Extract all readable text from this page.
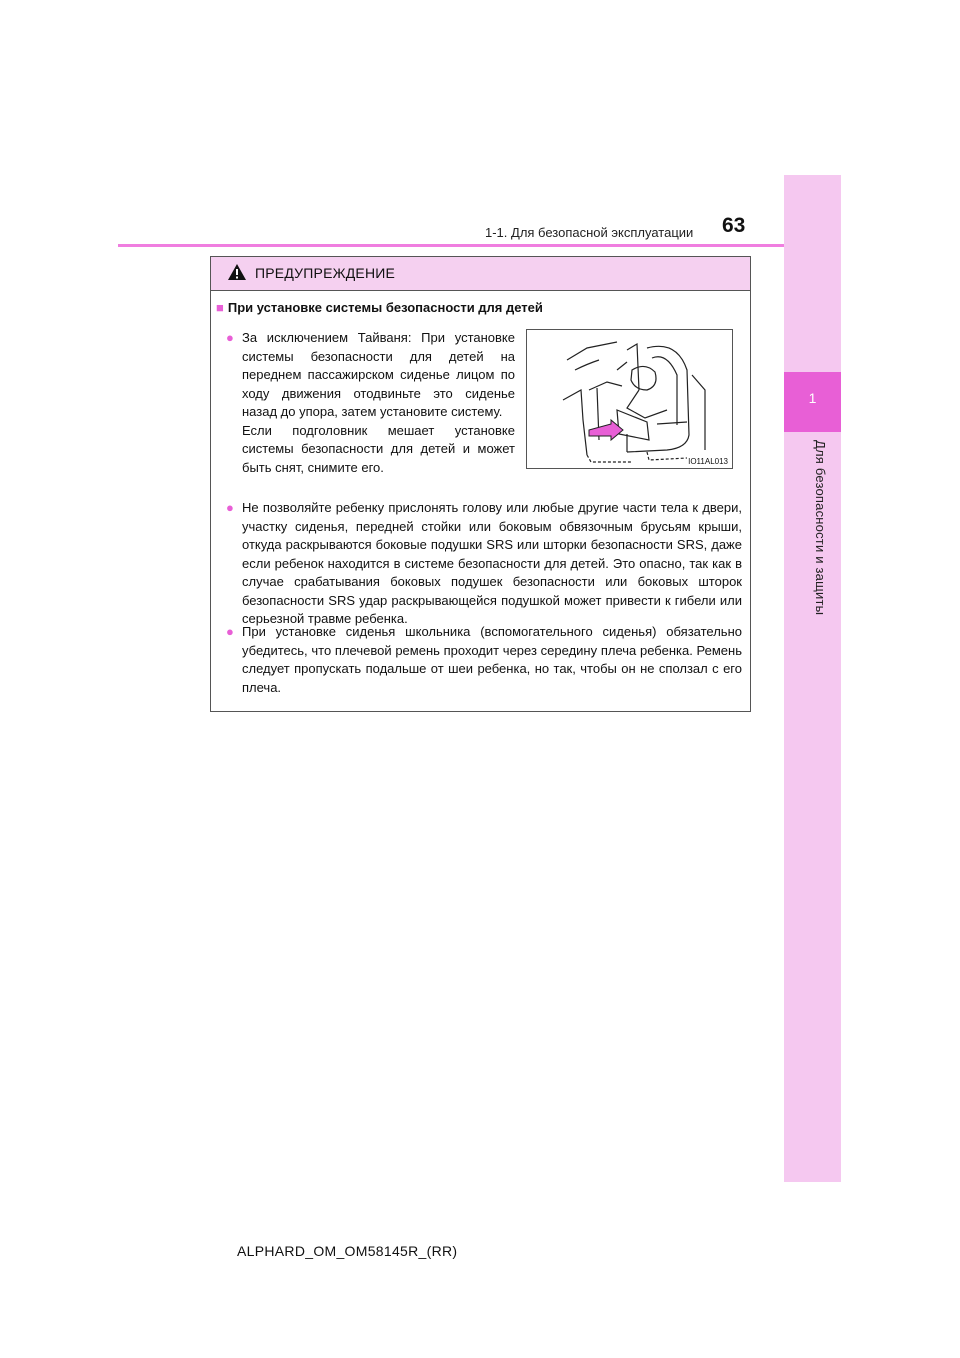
1
Для безопасности и защиты
1-1. Для безопасной эксплуатации 63
ПРЕДУПРЕЖДЕНИЕ
■ При установке системы безопасности для детей
● За исключением Тайваня: При установке системы безопасности для детей на переднем пассажирском сиденье лицом по ходу движения отодвиньте это сиденье назад до упора, затем установите систему.
Если подголовник мешает установке системы безопасности для детей и может быть снят, снимите его.	IO11AL013
● Не позволяйте ребенку прислонять голову или любые другие части тела к двери, участку сиденья, передней стойки или боковым обвязочным брусьям крыши, откуда раскрываются боковые подушки SRS или шторки безопасности SRS, даже если ребенок находится в системе безопасности для детей. Это опасно, так как в случае срабатывания боковых подушек безопасности или боковых шторок безопасности SRS удар раскрывающейся подушкой может привести к гибели или серьезной травме ребенка.
● При установке сиденья школьника (вспомогательного сиденья) обязательно убедитесь, что плечевой ремень проходит через середину плеча ребенка. Ремень следует пропускать подальше от шеи ребенка, но так, чтобы он не сползал с его плеча.
ALPHARD_OM_OM58145R_(RR)
